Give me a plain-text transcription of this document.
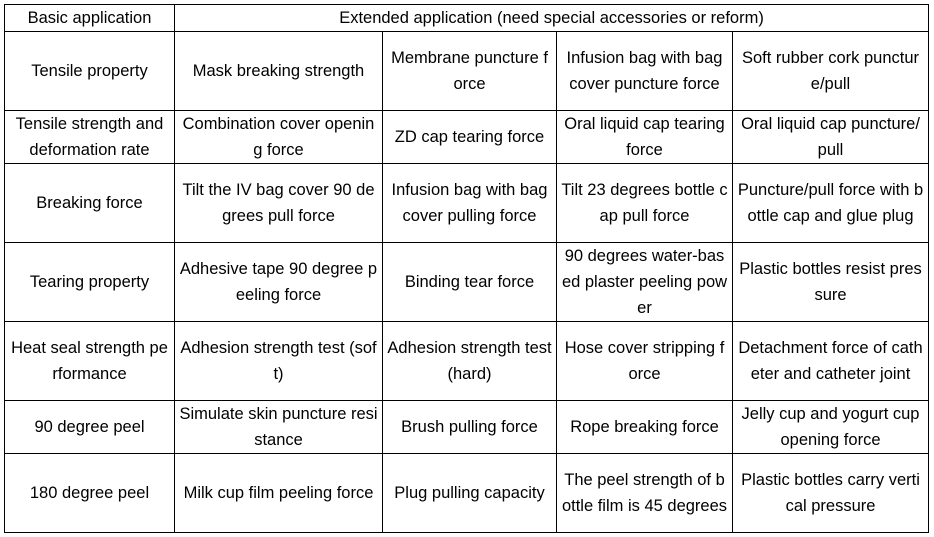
Basic application	Extended application (need special accessories or reform)			
Tensile property	Mask breaking strength	Membrane puncture force	Infusion bag with bag cover puncture force	Soft rubber cork puncture/pull
Tensile strength and deformation rate	Combination cover opening force	ZD cap tearing force	Oral liquid cap tearing force	Oral liquid cap puncture/pull
Breaking force	Tilt the IV bag cover 90 degrees pull force	Infusion bag with bag cover pulling force	Tilt 23 degrees bottle cap pull force	Puncture/pull force with bottle cap and glue plug
Tearing property	Adhesive tape 90 degree peeling force	Binding tear force	90 degrees water-based plaster peeling power	Plastic bottles resist pressure
Heat seal strength performance	Adhesion strength test (soft)	Adhesion strength test (hard)	Hose cover stripping force	Detachment force of catheter and catheter joint
90 degree peel	Simulate skin puncture resistance	Brush pulling force	Rope breaking force	Jelly cup and yogurt cup opening force
180 degree peel	Milk cup film peeling force	Plug pulling capacity	The peel strength of bottle film is 45 degrees	Plastic bottles carry vertical pressure
